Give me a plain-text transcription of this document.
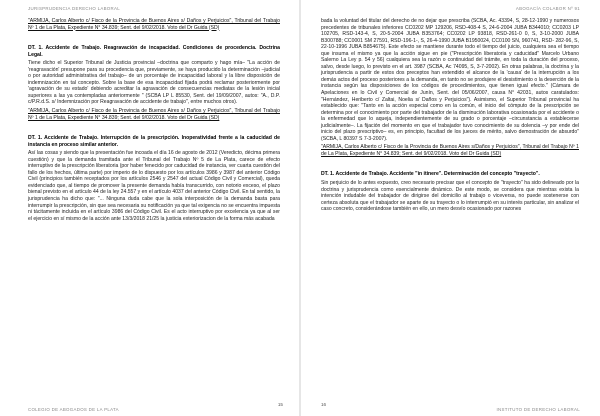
JURISPRUDENCIA DERECHO LABORAL

"ARMIJA, Carlos Alberto c/ Fisco de la Provincia de Buenos Aires s/ Daños y Perjuicios", Tribunal del Trabajo Nº 1 de La Plata, Expediente N° 34.839; Sent. del 9/02/2018. Voto del Dr Guida (SD)

DT. 1. Accidente de Trabajo. Reagravación de incapacidad. Condiciones de procedencia. Doctrina Legal.

Tiene dicho el Superior Tribunal de Justicia provincial –doctrina que comparto y hago mía– "La acción de 'reagravación' presupone para su procedencia que, previamente, se haya producido la determinación –judicial o por autoridad administrativa del trabajo– de un porcentaje de incapacidad laboral y la libre disposición de indemnización en tal concepto. Sobre la base de esa incapacidad fijada podrá reclamar posteriormente por 'agravación de su estado' debiendo acreditar la agravación de consecuencias mediatas de la lesión inicial superiores a las ya contempladas anteriormente " (SCBA LP L 85530, Sent. del 19/09/2007, autos: "A., D.P. c/P.R.d.S. s/ Indemnización por Reagravación de accidente de trabajo", entre muchos otros).

"ARMIJA, Carlos Alberto c/ Fisco de la Provincia de Buenos Aires s/ Daños y Perjuicios", Tribunal del Trabajo Nº 1 de La Plata, Expediente N° 34.839; Sent. del 9/02/2018. Voto del Dr Guida (SD)

DT. 1. Accidente de Trabajo. Interrupción de la prescripción. Inoperatividad frente a la caducidad de instancia en proceso similar anterior.

Así las cosas y siendo que la presentación fue incoada el día 16 de agosto de 2012 (Veredicto, décima primera cuestión) y que la demanda tramitada ante el Tribunal del Trabajo Nº 5 de La Plata, carece de efecto interruptivo de la prescripción liberatoria (por haber fenecido por caducidad de instancia, ver cuarta cuestión del fallo de los hechos, última parte) por imperio de lo dispuesto por los artículos 3986 y 3987 del anterior Código Civil (principios también receptados por los artículos 2546 y 2547 del actual Código Civil y Comercial), queda evidenciado que, al tiempo de promover la presente demanda había transcurrido, con notorio exceso, el plazo bienal previsto en el artículo 44 de la ley 24.557 y en el artículo 4037 del anterior Código Civil. En tal sentido, la jurisprudencia ha dicho que: "... Ninguna duda cabe que la sola interposición de la demanda basta para interrumpir la prescripción, sin que sea necesaria su notificación ya que tal exigencia no se encuentra impuesta ni tácitamente incluida en el artículo 3986 del Código Civil. Es el acto interruptivo por excelencia ya que al ser el ejercicio en sí mismo de la acción ante 13/3/2018 21/25 la justicia exteriorizacion de la forma más acabada

15
COLEGIO DE ABOGADOS DE LA PLATA
ABOGACÍA COLABOR Nº 91

bada la voluntad del titular del derecho de no dejar que prescriba (SCBA, Ac. 43394, S, 28-12-1990 y numerosos precedentes de tribunales inferiores CC0202 MP 129206, RSD-408-4 S, 24-6-2004 JUBA B344010; CC0203 LP 102705, RSD-143-4, S, 20-5-2004 JUBA B353764; CC0202 LP 93818, RSD-261-0 0, S, 3-10-2000 JUBA B300788; CC0001 SM 27591, RSD-196-1-, S, 26-4-1990 JUBA B1950024, CC0100 SN, 960741, RSD- 282-96, S, 22-10-1996 JUBA B854675). Este efecto se mantiene durante todo el tiempo del juicio, cualquiera sea el tiempo que insuma el mismo ya que la acción sigue en pie ("Prescripción liberatoria y caducidad" Marcelo Urbano Salerno La Ley p. 54 y 56) cualquiera sea la razón o continuidad del trámite, en toda la duración del proceso, salvo, desde luego, lo previsto en el art. 3987 (SCBA, Ac 74095, S, 3-7-2002). En otras palabras, la doctrina y la jurisprudencia a partir de estos dos preceptos han extendido el alcance de la 'causa' de la interrupción a los demás actos del proceso posteriores a la demanda, en tanto no se produjere el desistimiento o la deserción de la instancia según las disposiciones de los códigos de procedimientos, que tienen igual efecto." (Cámara de Apelaciones en lo Civil y Comercial de Junín, Sent. del 05/06/2007, causa N° 42031, autos caratulados: "Hernández, Heriberto c/ Zaltai, Noelia s/ Daños y Perjuicios"). Asimismo, el Superior Tribunal provincial ha establecido que: "Tanto en la acción especial como en la común, el inicio del cómputo de la prescripción se determina por el conocimiento por parte del trabajador de la disminución laborativa ocasionada por el accidente o la enfermedad que lo aqueja, independientemente de su grado o porcentaje –circunstancia a establecerse judicialmente–. La fijación del momento en que el trabajador tuvo conocimiento de su dolencia –y por ende del inicio del plazo prescriptivo– es, en principio, facultad de los jueces de mérito, salvo demostración de absurdo" (SCBA, L 80397 S 7-3-2007).

"ARMIJA, Carlos Alberto c/ Fisco de la Provincia de Buenos Aires s/Daños y Perjuicios", Tribunal del Trabajo Nº 1 de La Plata, Expediente N° 34.839; Sent. del 9/02/2018. Voto del Dr Guida (SD)

DT. 1. Accidente de Trabajo. Accidente "in itinere". Determinación del concepto "trayecto".

Sin perjuicio de lo antes expuesto, creo necesario precisar que el concepto de "trayecto" ha sido delineado por la doctrina y jurisprudencia como esencialmente dinámico. De este modo, se considera que mientras exista la intención indudable del trabajador de dirigirse del domicilio al trabajo o viceversa, no puede sostenerse con certeza absoluta que el trabajador se aparte de su trayecto o lo interrumpió en su interés particular, sin analizar el caso concreto, considerándose también en ello, un mero desvío ocasionado por razones

16
INSTITUTO DE DERECHO LABORAL
